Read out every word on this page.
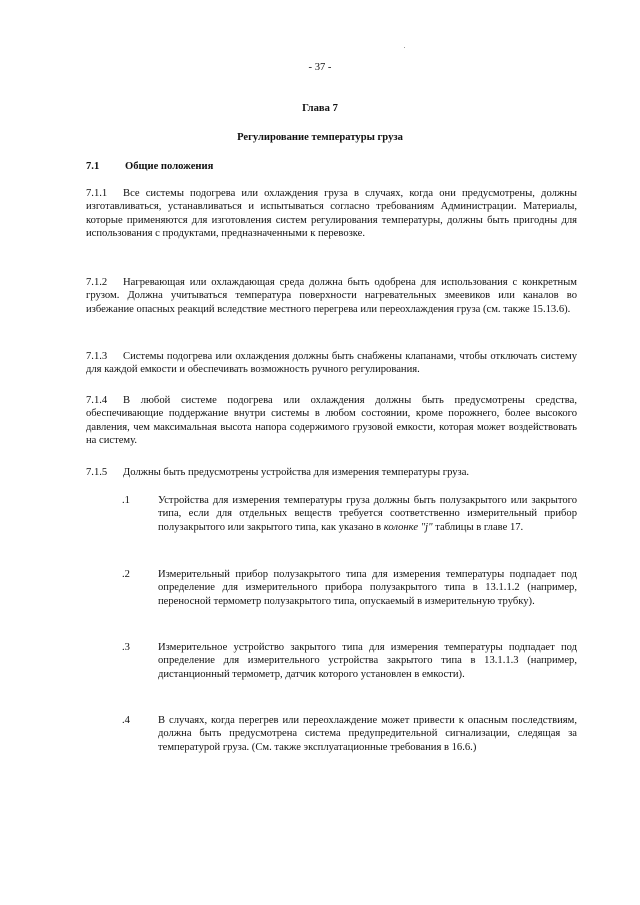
- 37 -
Глава 7
Регулирование температуры груза
7.1 Общие положения

7.1.1 Все системы подогрева или охлаждения груза в случаях, когда они предусмотрены, должны изготавливаться, устанавливаться и испытываться согласно требованиям Администрации. Материалы, которые применяются для изготовления систем регулирования температуры, должны быть пригодны для использования с продуктами, предназначенными к перевозке.

7.1.2 Нагревающая или охлаждающая среда должна быть одобрена для использования с конкретным грузом. Должна учитываться температура поверхности нагревательных змеевиков или каналов во избежание опасных реакций вследствие местного перегрева или переохлаждения груза (см. также 15.13.6).

7.1.3 Системы подогрева или охлаждения должны быть снабжены клапанами, чтобы отключать систему для каждой емкости и обеспечивать возможность ручного регулирования.

7.1.4 В любой системе подогрева или охлаждения должны быть предусмотрены средства, обеспечивающие поддержание внутри системы в любом состоянии, кроме порожнего, более высокого давления, чем максимальная высота напора содержимого грузовой емкости, которая может воздействовать на систему.

7.1.5 Должны быть предусмотрены устройства для измерения температуры груза.

.1	Устройства для измерения температуры груза должны быть полузакрытого или закрытого типа, если для отдельных веществ требуется соответственно измерительный прибор полузакрытого или закрытого типа, как указано в колонке "j" таблицы в главе 17.
.2	Измерительный прибор полузакрытого типа для измерения температуры подпадает под определение для измерительного прибора полузакрытого типа в 13.1.1.2 (например, переносной термометр полузакрытого типа, опускаемый в измерительную трубку).
.3	Измерительное устройство закрытого типа для измерения температуры подпадает под определение для измерительного устройства закрытого типа в 13.1.1.3 (например, дистанционный термометр, датчик которого установлен в емкости).
.4	В случаях, когда перегрев или переохлаждение может привести к опасным последствиям, должна быть предусмотрена система предупредительной сигнализации, следящая за температурой груза. (См. также эксплуатационные требования в 16.6.)
